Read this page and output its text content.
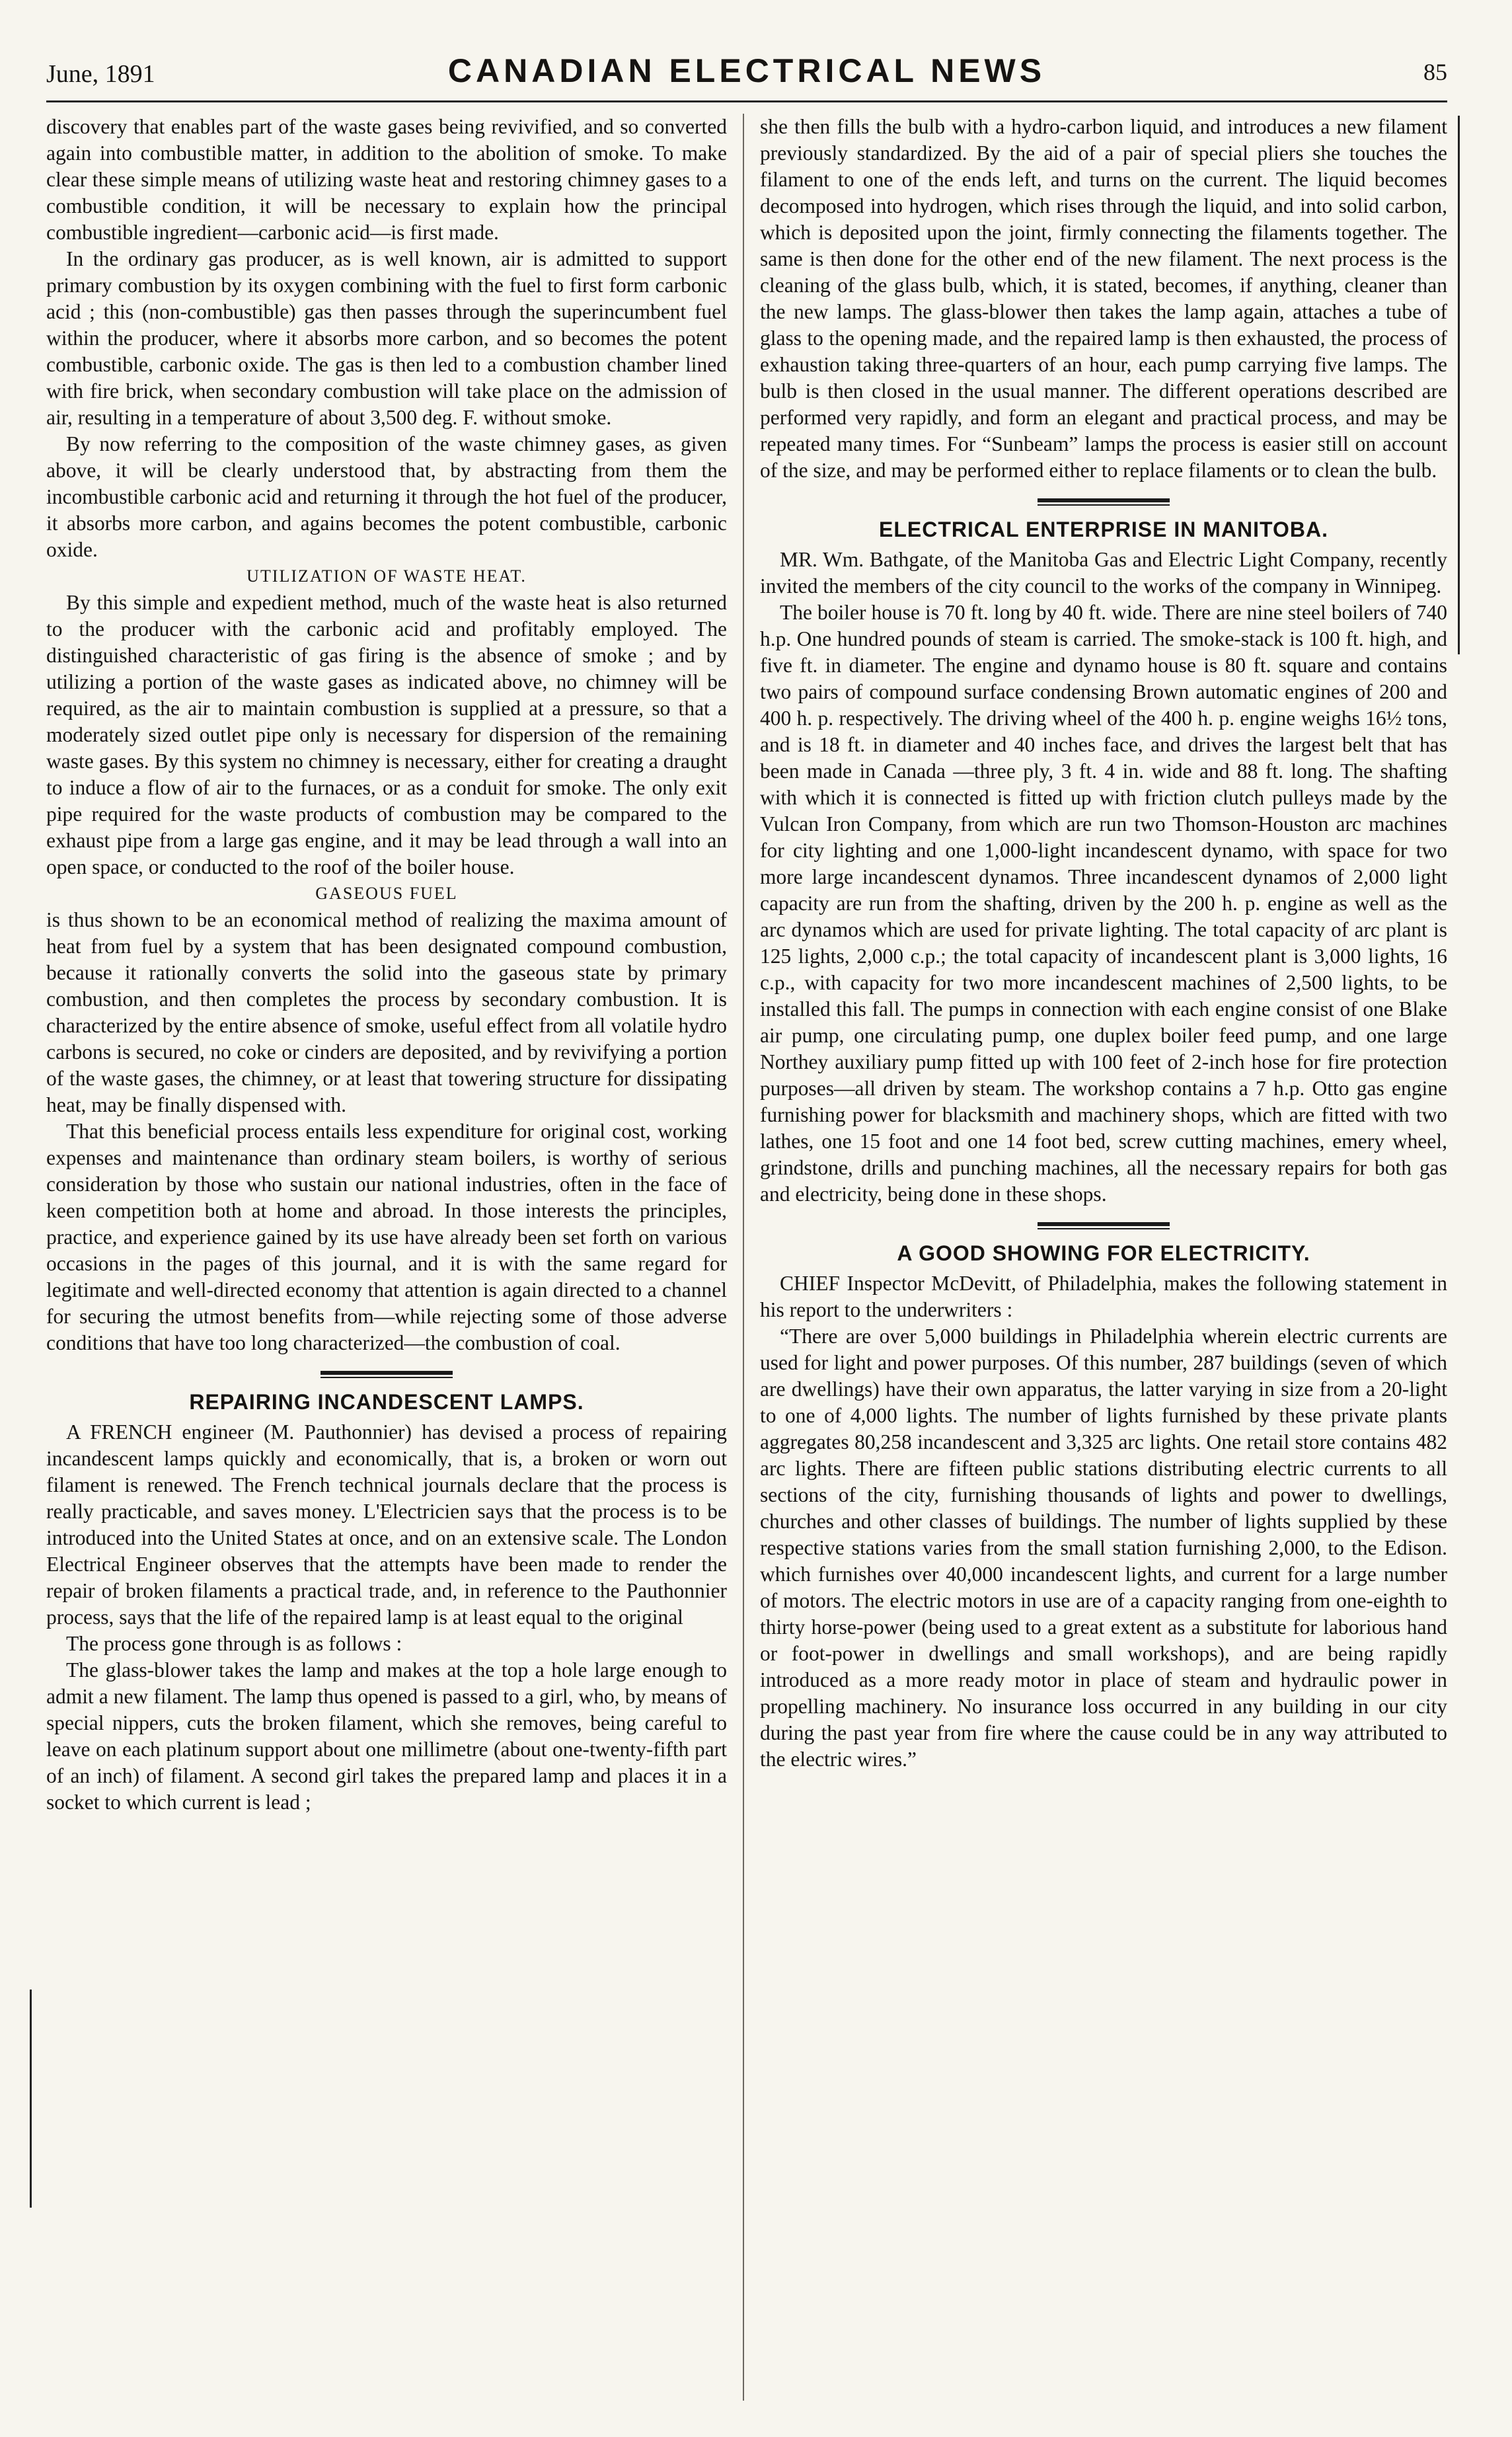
June, 1891	CANADIAN ELECTRICAL NEWS	85

discovery that enables part of the waste gases being revivified, and so converted again into combustible matter, in addition to the abolition of smoke. To make clear these simple means of utilizing waste heat and restoring chimney gases to a combustible condition, it will be necessary to explain how the principal combustible ingredient—carbonic acid—is first made.

In the ordinary gas producer, as is well known, air is admitted to support primary combustion by its oxygen combining with the fuel to first form carbonic acid ; this (non-combustible) gas then passes through the superincumbent fuel within the producer, where it absorbs more carbon, and so becomes the potent combustible, carbonic oxide. The gas is then led to a combustion chamber lined with fire brick, when secondary combustion will take place on the admission of air, resulting in a temperature of about 3,500 deg. F. without smoke.

By now referring to the composition of the waste chimney gases, as given above, it will be clearly understood that, by abstracting from them the incombustible carbonic acid and returning it through the hot fuel of the producer, it absorbs more carbon, and agains becomes the potent combustible, carbonic oxide.

UTILIZATION OF WASTE HEAT.

By this simple and expedient method, much of the waste heat is also returned to the producer with the carbonic acid and profitably employed. The distinguished characteristic of gas firing is the absence of smoke ; and by utilizing a portion of the waste gases as indicated above, no chimney will be required, as the air to maintain combustion is supplied at a pressure, so that a moderately sized outlet pipe only is necessary for dispersion of the remaining waste gases. By this system no chimney is necessary, either for creating a draught to induce a flow of air to the furnaces, or as a conduit for smoke. The only exit pipe required for the waste products of combustion may be compared to the exhaust pipe from a large gas engine, and it may be lead through a wall into an open space, or conducted to the roof of the boiler house.

GASEOUS FUEL

is thus shown to be an economical method of realizing the maxima amount of heat from fuel by a system that has been designated compound combustion, because it rationally converts the solid into the gaseous state by primary combustion, and then completes the process by secondary combustion. It is characterized by the entire absence of smoke, useful effect from all volatile hydro carbons is secured, no coke or cinders are deposited, and by revivifying a portion of the waste gases, the chimney, or at least that towering structure for dissipating heat, may be finally dispensed with.

That this beneficial process entails less expenditure for original cost, working expenses and maintenance than ordinary steam boilers, is worthy of serious consideration by those who sustain our national industries, often in the face of keen competition both at home and abroad. In those interests the principles, practice, and experience gained by its use have already been set forth on various occasions in the pages of this journal, and it is with the same regard for legitimate and well-directed economy that attention is again directed to a channel for securing the utmost benefits from—while rejecting some of those adverse conditions that have too long characterized—the combustion of coal.

REPAIRING INCANDESCENT LAMPS.

A FRENCH engineer (M. Pauthonnier) has devised a process of repairing incandescent lamps quickly and economically, that is, a broken or worn out filament is renewed. The French technical journals declare that the process is really practicable, and saves money. L'Electricien says that the process is to be introduced into the United States at once, and on an extensive scale. The London Electrical Engineer observes that the attempts have been made to render the repair of broken filaments a practical trade, and, in reference to the Pauthonnier process, says that the life of the repaired lamp is at least equal to the original

The process gone through is as follows :

The glass-blower takes the lamp and makes at the top a hole large enough to admit a new filament. The lamp thus opened is passed to a girl, who, by means of special nippers, cuts the broken filament, which she removes, being careful to leave on each platinum support about one millimetre (about one-twenty-fifth part of an inch) of filament. A second girl takes the prepared lamp and places it in a socket to which current is lead ;

she then fills the bulb with a hydro-carbon liquid, and introduces a new filament previously standardized. By the aid of a pair of special pliers she touches the filament to one of the ends left, and turns on the current. The liquid becomes decomposed into hydrogen, which rises through the liquid, and into solid carbon, which is deposited upon the joint, firmly connecting the filaments together. The same is then done for the other end of the new filament. The next process is the cleaning of the glass bulb, which, it is stated, becomes, if anything, cleaner than the new lamps. The glass-blower then takes the lamp again, attaches a tube of glass to the opening made, and the repaired lamp is then exhausted, the process of exhaustion taking three-quarters of an hour, each pump carrying five lamps. The bulb is then closed in the usual manner. The different operations described are performed very rapidly, and form an elegant and practical process, and may be repeated many times. For “Sunbeam” lamps the process is easier still on account of the size, and may be performed either to replace filaments or to clean the bulb.

ELECTRICAL ENTERPRISE IN MANITOBA.

MR. Wm. Bathgate, of the Manitoba Gas and Electric Light Company, recently invited the members of the city council to the works of the company in Winnipeg.

The boiler house is 70 ft. long by 40 ft. wide. There are nine steel boilers of 740 h.p. One hundred pounds of steam is carried. The smoke-stack is 100 ft. high, and five ft. in diameter. The engine and dynamo house is 80 ft. square and contains two pairs of compound surface condensing Brown automatic engines of 200 and 400 h. p. respectively. The driving wheel of the 400 h. p. engine weighs 16½ tons, and is 18 ft. in diameter and 40 inches face, and drives the largest belt that has been made in Canada —three ply, 3 ft. 4 in. wide and 88 ft. long. The shafting with which it is connected is fitted up with friction clutch pulleys made by the Vulcan Iron Company, from which are run two Thomson-Houston arc machines for city lighting and one 1,000-light incandescent dynamo, with space for two more large incandescent dynamos. Three incandescent dynamos of 2,000 light capacity are run from the shafting, driven by the 200 h. p. engine as well as the arc dynamos which are used for private lighting. The total capacity of arc plant is 125 lights, 2,000 c.p.; the total capacity of incandescent plant is 3,000 lights, 16 c.p., with capacity for two more incandescent machines of 2,500 lights, to be installed this fall. The pumps in connection with each engine consist of one Blake air pump, one circulating pump, one duplex boiler feed pump, and one large Northey auxiliary pump fitted up with 100 feet of 2-inch hose for fire protection purposes—all driven by steam. The workshop contains a 7 h.p. Otto gas engine furnishing power for blacksmith and machinery shops, which are fitted with two lathes, one 15 foot and one 14 foot bed, screw cutting machines, emery wheel, grindstone, drills and punching machines, all the necessary repairs for both gas and electricity, being done in these shops.

A GOOD SHOWING FOR ELECTRICITY.

CHIEF Inspector McDevitt, of Philadelphia, makes the following statement in his report to the underwriters :

“There are over 5,000 buildings in Philadelphia wherein electric currents are used for light and power purposes. Of this number, 287 buildings (seven of which are dwellings) have their own apparatus, the latter varying in size from a 20-light to one of 4,000 lights. The number of lights furnished by these private plants aggregates 80,258 incandescent and 3,325 arc lights. One retail store contains 482 arc lights. There are fifteen public stations distributing electric currents to all sections of the city, furnishing thousands of lights and power to dwellings, churches and other classes of buildings. The number of lights supplied by these respective stations varies from the small station furnishing 2,000, to the Edison. which furnishes over 40,000 incandescent lights, and current for a large number of motors. The electric motors in use are of a capacity ranging from one-eighth to thirty horse-power (being used to a great extent as a substitute for laborious hand or foot-power in dwellings and small workshops), and are being rapidly introduced as a more ready motor in place of steam and hydraulic power in propelling machinery. No insurance loss occurred in any building in our city during the past year from fire where the cause could be in any way attributed to the electric wires.”
